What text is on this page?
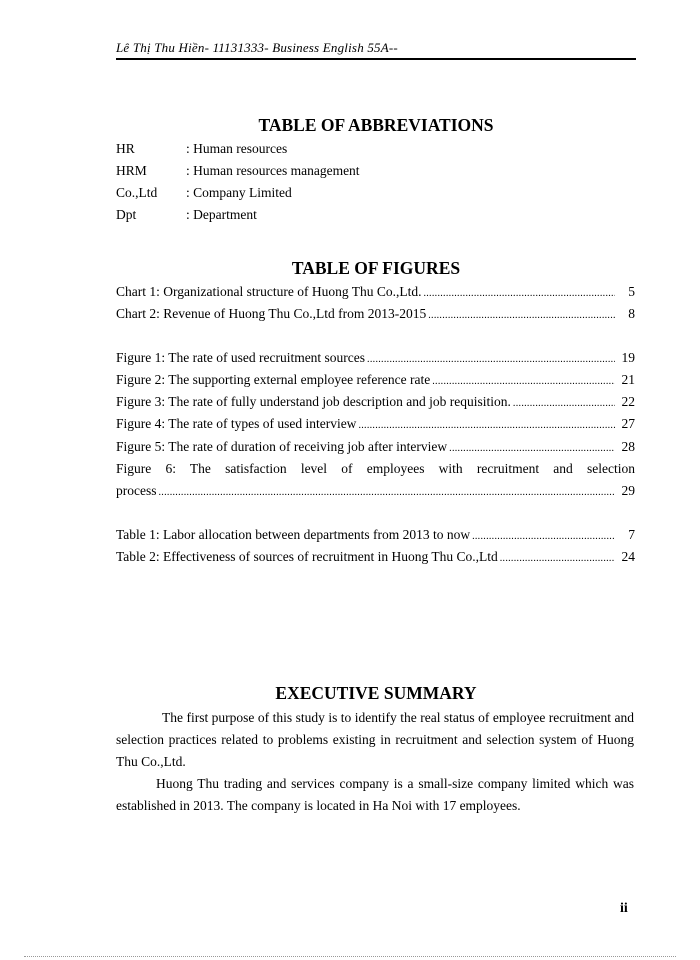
Lê Thị Thu Hiền- 11131333- Business English 55A--
TABLE OF ABBREVIATIONS
HR	: Human resources
HRM	: Human resources management
Co.,Ltd : Company Limited
Dpt	: Department
TABLE OF FIGURES
Chart 1: Organizational structure of Huong Thu Co.,Ltd. .....	5
Chart 2: Revenue of Huong Thu Co.,Ltd from 2013-2015 .....	8
Figure 1: The rate of used recruitment sources .....	19
Figure 2: The supporting external employee reference rate .....	21
Figure 3: The rate of fully understand job description and job requisition. .....	22
Figure 4: The rate of types of used interview .....	27
Figure 5: The rate of duration of receiving job after interview .....	28
Figure 6: The satisfaction level of employees with recruitment and selection
process .....	29
Table 1: Labor allocation between departments from 2013 to now .....	7
Table 2: Effectiveness of sources of recruitment in Huong Thu Co.,Ltd .....	24
EXECUTIVE SUMMARY
The first purpose of this study is to identify the real status of employee recruitment and selection practices related to problems existing in recruitment and selection system of Huong Thu Co.,Ltd.
Huong Thu trading and services company is a small-size company limited which was established in 2013. The company is located in Ha Noi with 17 employees.
ii
